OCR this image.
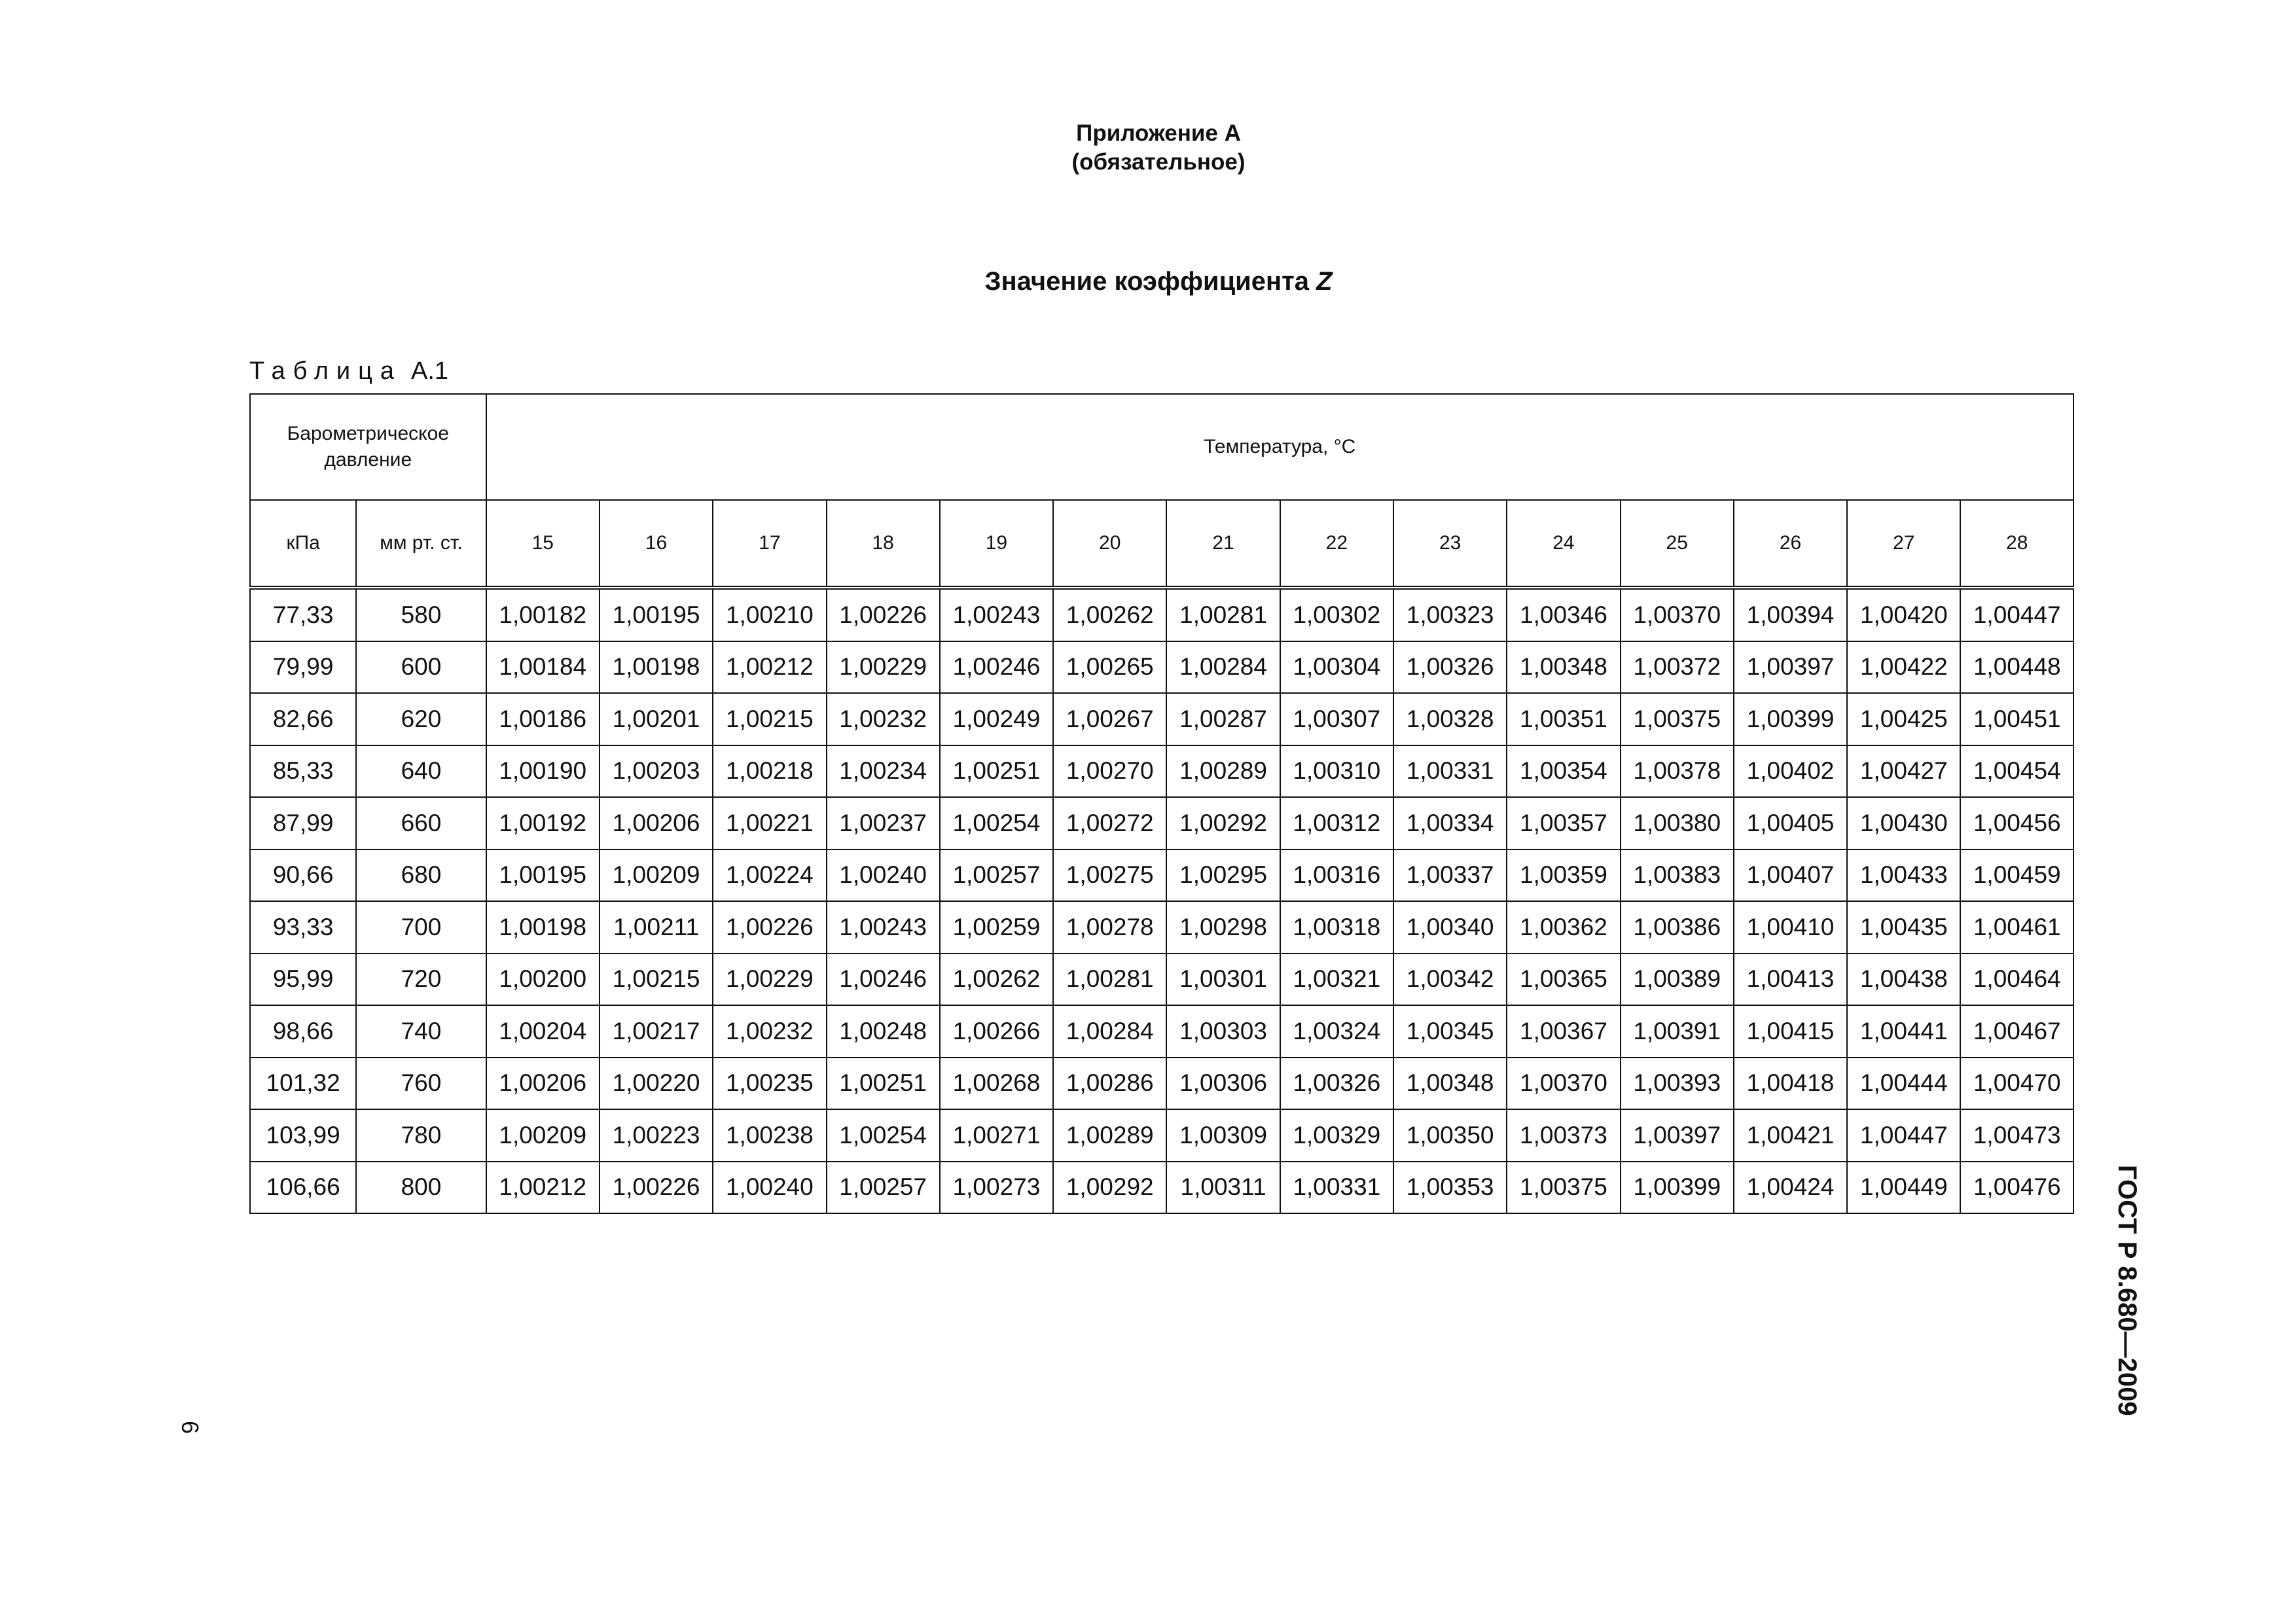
Приложение А
(обязательное)
Значение коэффициента Z
Таблица А.1
Барометрическое давление		Температура, °С													
кПа	мм рт. ст.	15	16	17	18	19	20	21	22	23	24	25	26	27	28
77,33	580	1,00182	1,00195	1,00210	1,00226	1,00243	1,00262	1,00281	1,00302	1,00323	1,00346	1,00370	1,00394	1,00420	1,00447
79,99	600	1,00184	1,00198	1,00212	1,00229	1,00246	1,00265	1,00284	1,00304	1,00326	1,00348	1,00372	1,00397	1,00422	1,00448
82,66	620	1,00186	1,00201	1,00215	1,00232	1,00249	1,00267	1,00287	1,00307	1,00328	1,00351	1,00375	1,00399	1,00425	1,00451
85,33	640	1,00190	1,00203	1,00218	1,00234	1,00251	1,00270	1,00289	1,00310	1,00331	1,00354	1,00378	1,00402	1,00427	1,00454
87,99	660	1,00192	1,00206	1,00221	1,00237	1,00254	1,00272	1,00292	1,00312	1,00334	1,00357	1,00380	1,00405	1,00430	1,00456
90,66	680	1,00195	1,00209	1,00224	1,00240	1,00257	1,00275	1,00295	1,00316	1,00337	1,00359	1,00383	1,00407	1,00433	1,00459
93,33	700	1,00198	1,00211	1,00226	1,00243	1,00259	1,00278	1,00298	1,00318	1,00340	1,00362	1,00386	1,00410	1,00435	1,00461
95,99	720	1,00200	1,00215	1,00229	1,00246	1,00262	1,00281	1,00301	1,00321	1,00342	1,00365	1,00389	1,00413	1,00438	1,00464
98,66	740	1,00204	1,00217	1,00232	1,00248	1,00266	1,00284	1,00303	1,00324	1,00345	1,00367	1,00391	1,00415	1,00441	1,00467
101,32	760	1,00206	1,00220	1,00235	1,00251	1,00268	1,00286	1,00306	1,00326	1,00348	1,00370	1,00393	1,00418	1,00444	1,00470
103,99	780	1,00209	1,00223	1,00238	1,00254	1,00271	1,00289	1,00309	1,00329	1,00350	1,00373	1,00397	1,00421	1,00447	1,00473
106,66	800	1,00212	1,00226	1,00240	1,00257	1,00273	1,00292	1,00311	1,00331	1,00353	1,00375	1,00399	1,00424	1,00449	1,00476
6
ГОСТ Р 8.680—2009
